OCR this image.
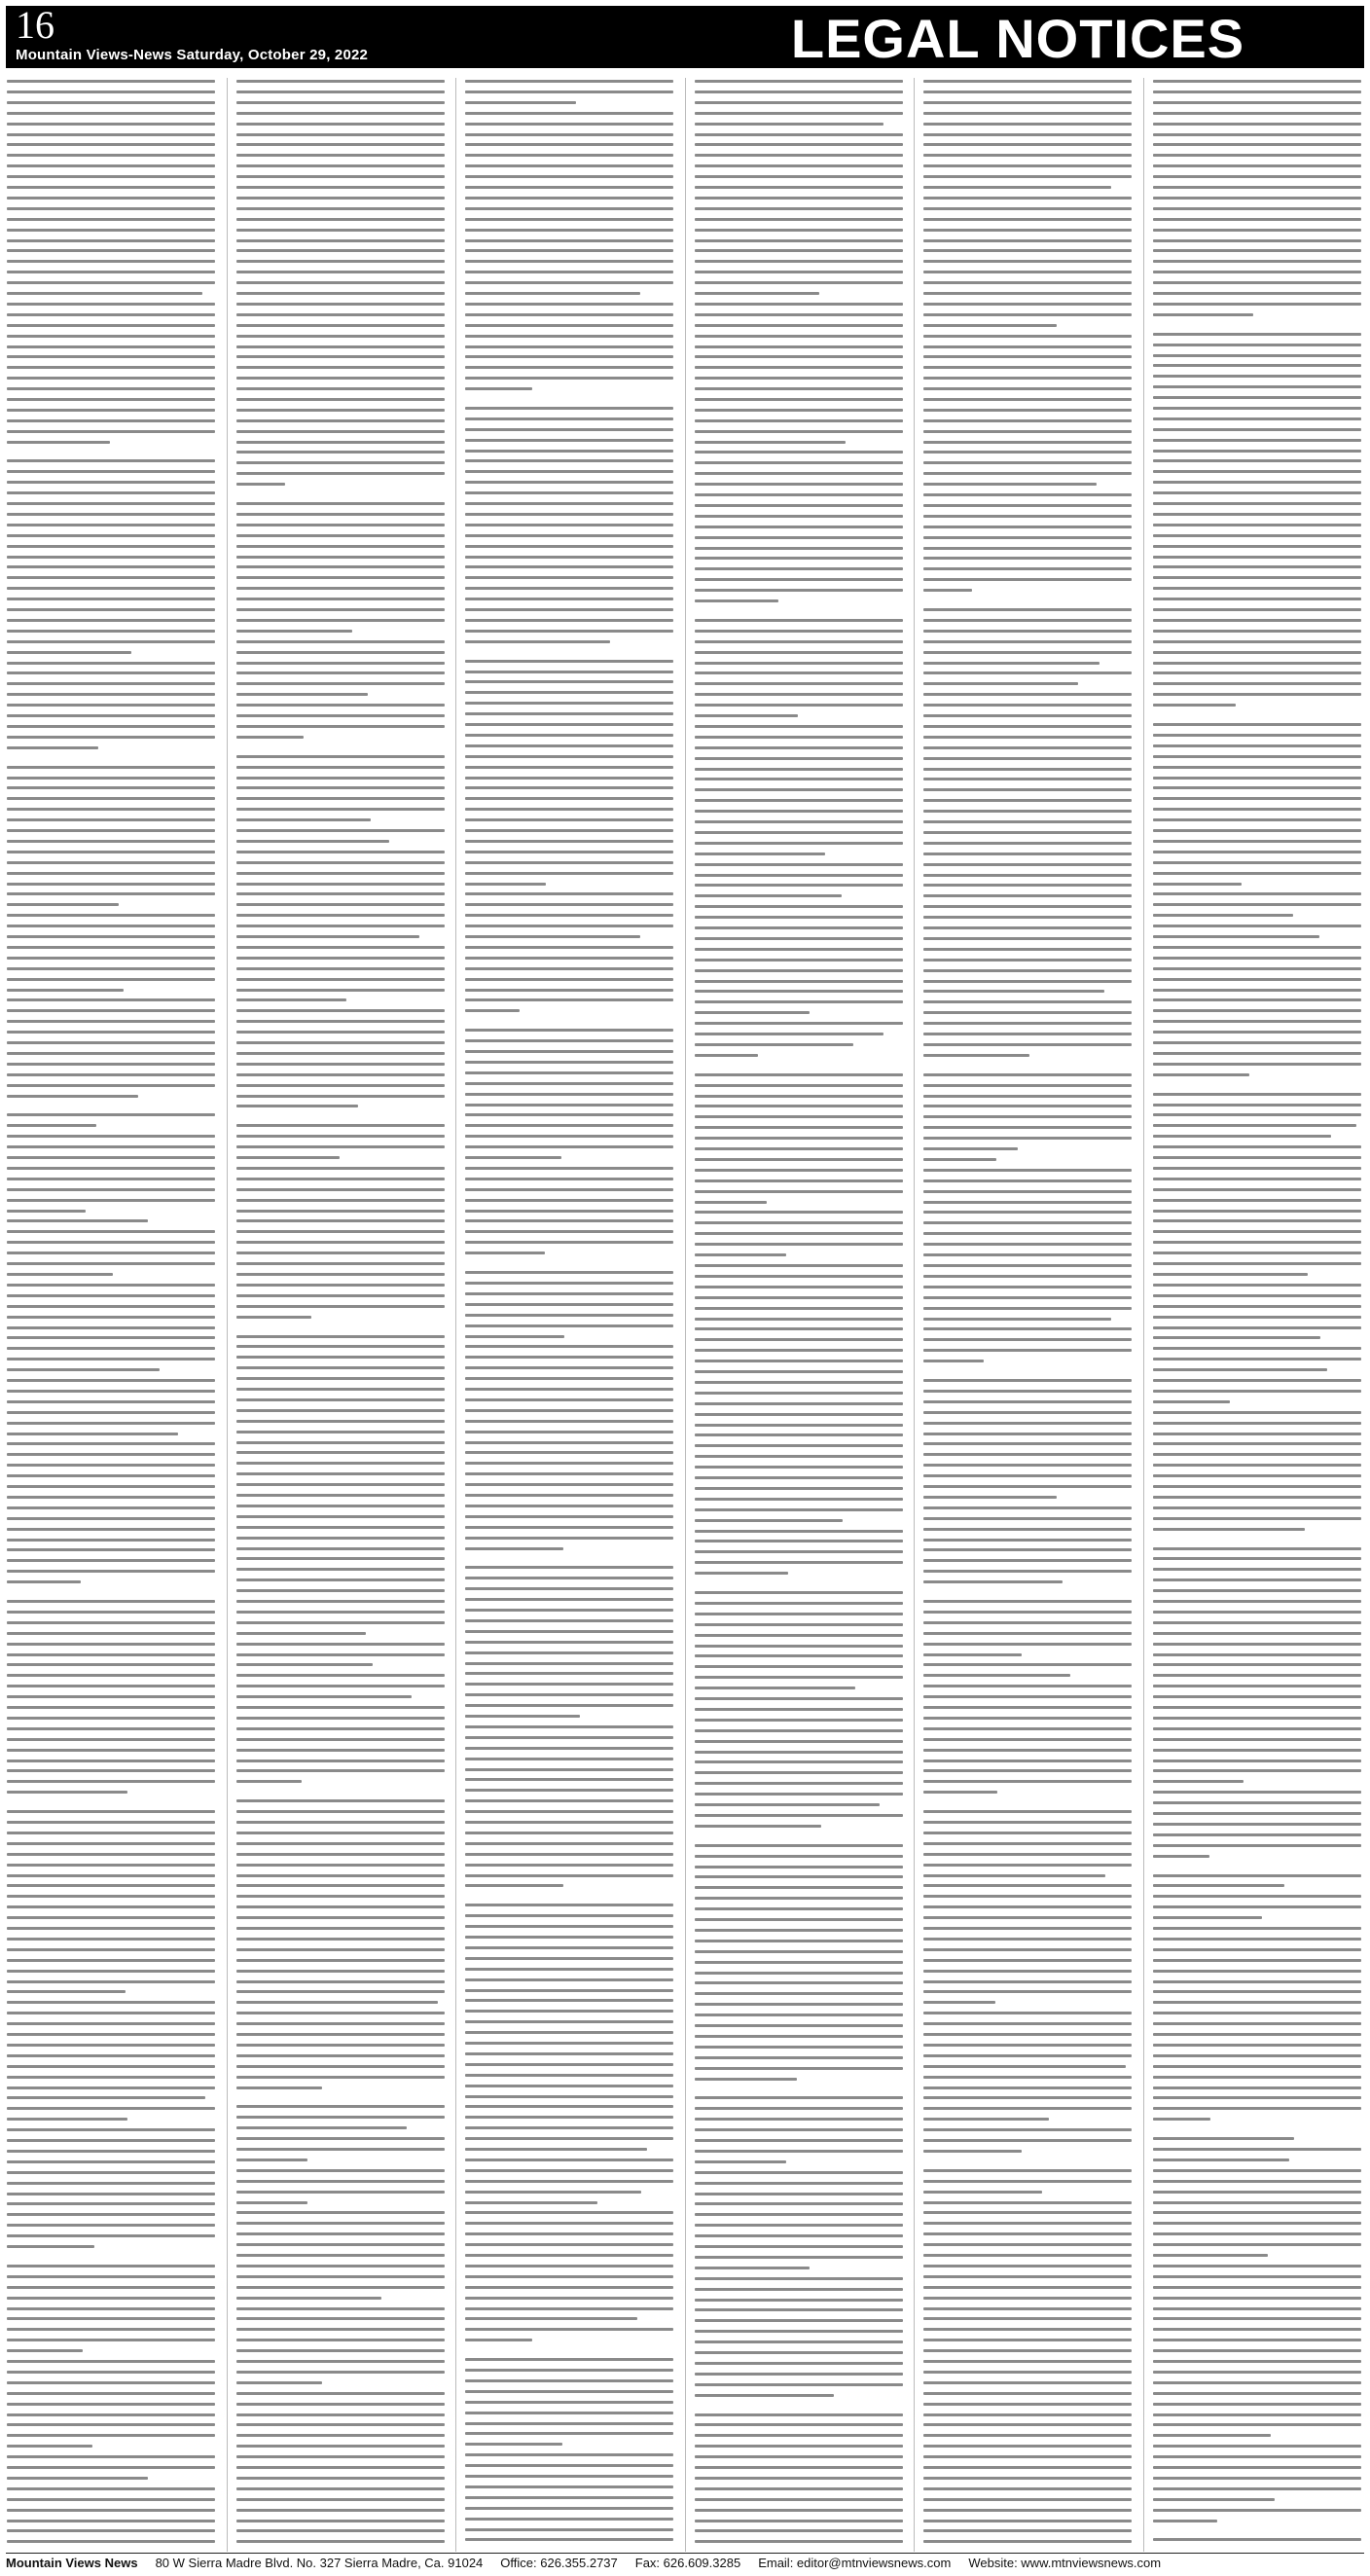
16
Mountain Views-News Saturday, October 29, 2022	LEGAL NOTICES
Mountain Views News 80 W Sierra Madre Blvd. No. 327 Sierra Madre, Ca. 91024 Office: 626.355.2737 Fax: 626.609.3285 Email: editor@mtnviewsnews.com Website: www.mtnviewsnews.com
